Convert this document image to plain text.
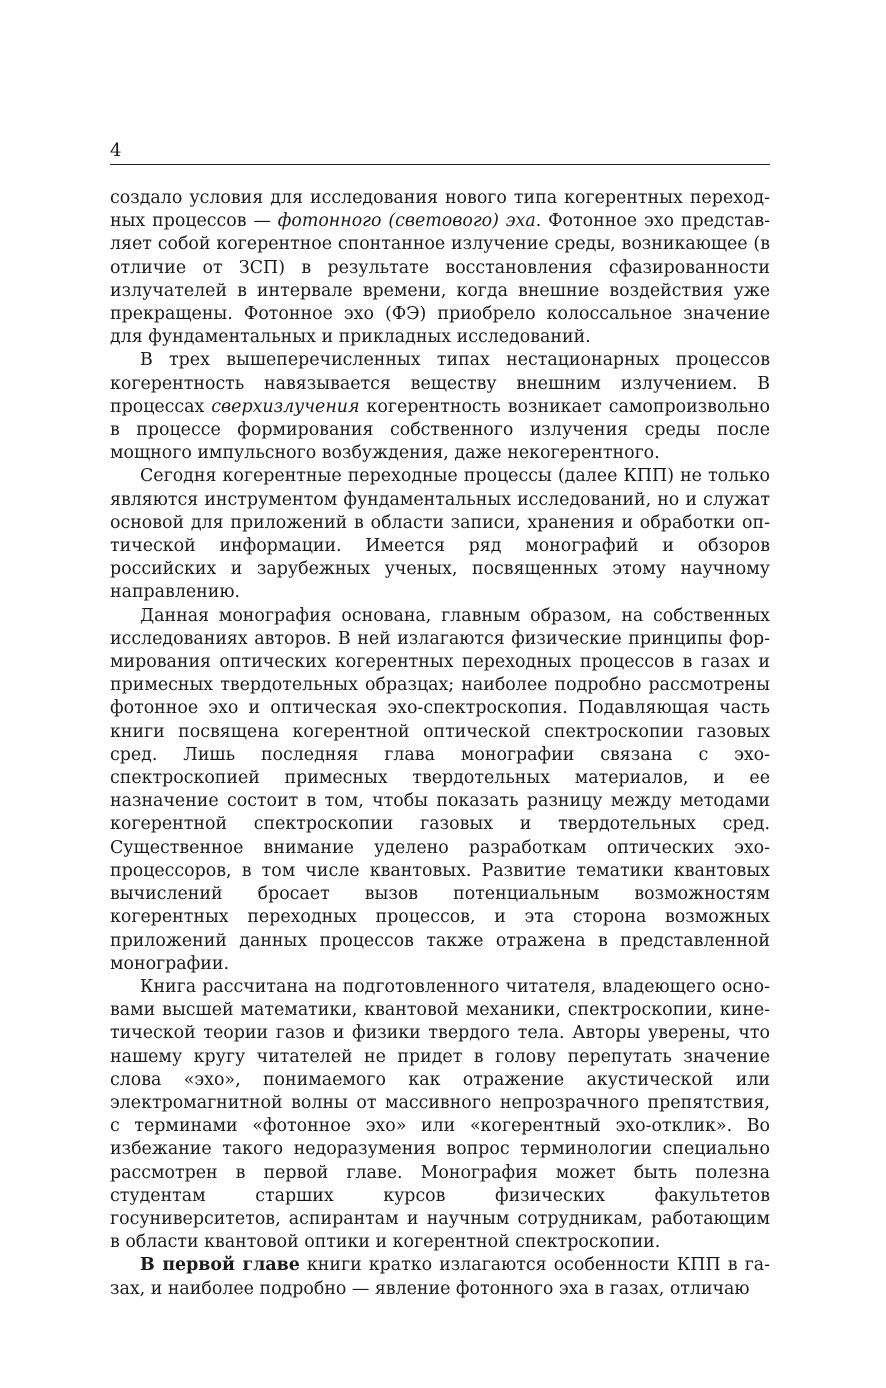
4

создало условия для исследования нового типа когерентных переходных процессов — фотонного (светового) эха. Фотонное эхо представляет собой когерентное спонтанное излучение среды, возникающее (в отличие от ЗСП) в результате восстановления сфазированности излучателей в интервале времени, когда внешние воздействия уже прекращены. Фотонное эхо (ФЭ) приобрело колоссальное значение для фундаментальных и прикладных исследований.

В трех вышеперечисленных типах нестационарных процессов когерентность навязывается веществу внешним излучением. В процессах сверхизлучения когерентность возникает самопроизвольно в процессе формирования собственного излучения среды после мощного импульсного возбуждения, даже некогерентного.

Сегодня когерентные переходные процессы (далее КПП) не только являются инструментом фундаментальных исследований, но и служат основой для приложений в области записи, хранения и обработки оптической информации. Имеется ряд монографий и обзоров российских и зарубежных ученых, посвященных этому научному направлению.

Данная монография основана, главным образом, на собственных исследованиях авторов. В ней излагаются физические принципы формирования оптических когерентных переходных процессов в газах и примесных твердотельных образцах; наиболее подробно рассмотрены фотонное эхо и оптическая эхо-спектроскопия. Подавляющая часть книги посвящена когерентной оптической спектроскопии газовых сред. Лишь последняя глава монографии связана с эхо-спектроскопией примесных твердотельных материалов, и ее назначение состоит в том, чтобы показать разницу между методами когерентной спектроскопии газовых и твердотельных сред. Существенное внимание уделено разработкам оптических эхо-процессоров, в том числе квантовых. Развитие тематики квантовых вычислений бросает вызов потенциальным возможностям когерентных переходных процессов, и эта сторона возможных приложений данных процессов также отражена в представленной монографии.

Книга рассчитана на подготовленного читателя, владеющего основами высшей математики, квантовой механики, спектроскопии, кинетической теории газов и физики твердого тела. Авторы уверены, что нашему кругу читателей не придет в голову перепутать значение слова «эхо», понимаемого как отражение акустической или электромагнитной волны от массивного непрозрачного препятствия, с терминами «фотонное эхо» или «когерентный эхо-отклик». Во избежание такого недоразумения вопрос терминологии специально рассмотрен в первой главе. Монография может быть полезна студентам старших курсов физических факультетов госуниверситетов, аспирантам и научным сотрудникам, работающим в области квантовой оптики и когерентной спектроскопии.

В первой главе книги кратко излагаются особенности КПП в газах, и наиболее подробно — явление фотонного эха в газах, отличаю
